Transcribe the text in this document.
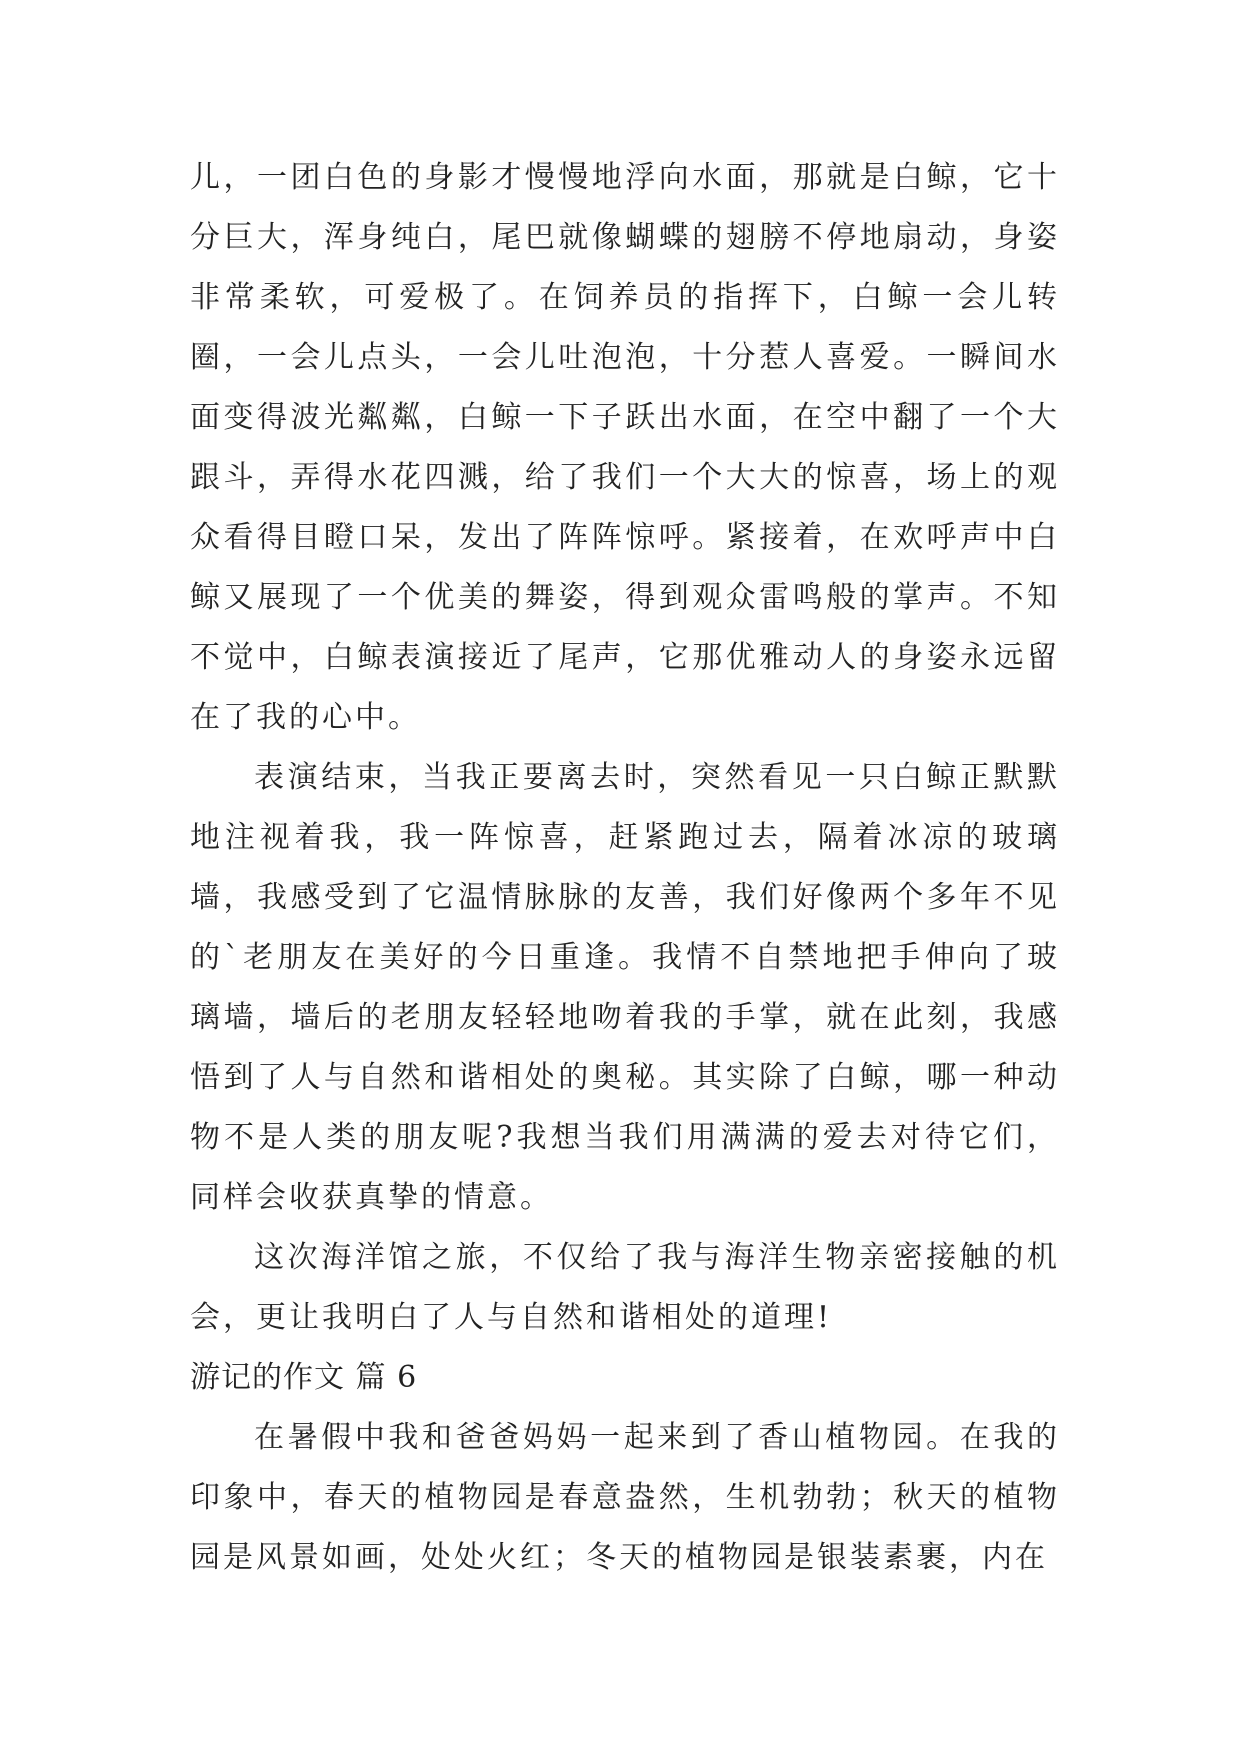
儿，一团白色的身影才慢慢地浮向水面，那就是白鲸，它十分巨大，浑身纯白，尾巴就像蝴蝶的翅膀不停地扇动，身姿非常柔软，可爱极了。在饲养员的指挥下，白鲸一会儿转圈，一会儿点头，一会儿吐泡泡，十分惹人喜爱。一瞬间水面变得波光粼粼，白鲸一下子跃出水面，在空中翻了一个大跟斗，弄得水花四溅，给了我们一个大大的惊喜，场上的观众看得目瞪口呆，发出了阵阵惊呼。紧接着，在欢呼声中白鲸又展现了一个优美的舞姿，得到观众雷鸣般的掌声。不知不觉中，白鲸表演接近了尾声，它那优雅动人的身姿永远留在了我的心中。

表演结束，当我正要离去时，突然看见一只白鲸正默默地注视着我，我一阵惊喜，赶紧跑过去，隔着冰凉的玻璃墙，我感受到了它温情脉脉的友善，我们好像两个多年不见的`老朋友在美好的今日重逢。我情不自禁地把手伸向了玻璃墙，墙后的老朋友轻轻地吻着我的手掌，就在此刻，我感悟到了人与自然和谐相处的奥秘。其实除了白鲸，哪一种动物不是人类的朋友呢?我想当我们用满满的爱去对待它们，同样会收获真挚的情意。

这次海洋馆之旅，不仅给了我与海洋生物亲密接触的机会，更让我明白了人与自然和谐相处的道理!

游记的作文 篇 6

在暑假中我和爸爸妈妈一起来到了香山植物园。在我的印象中，春天的植物园是春意盎然，生机勃勃；秋天的植物园是风景如画，处处火红；冬天的植物园是银装素裹，内在
